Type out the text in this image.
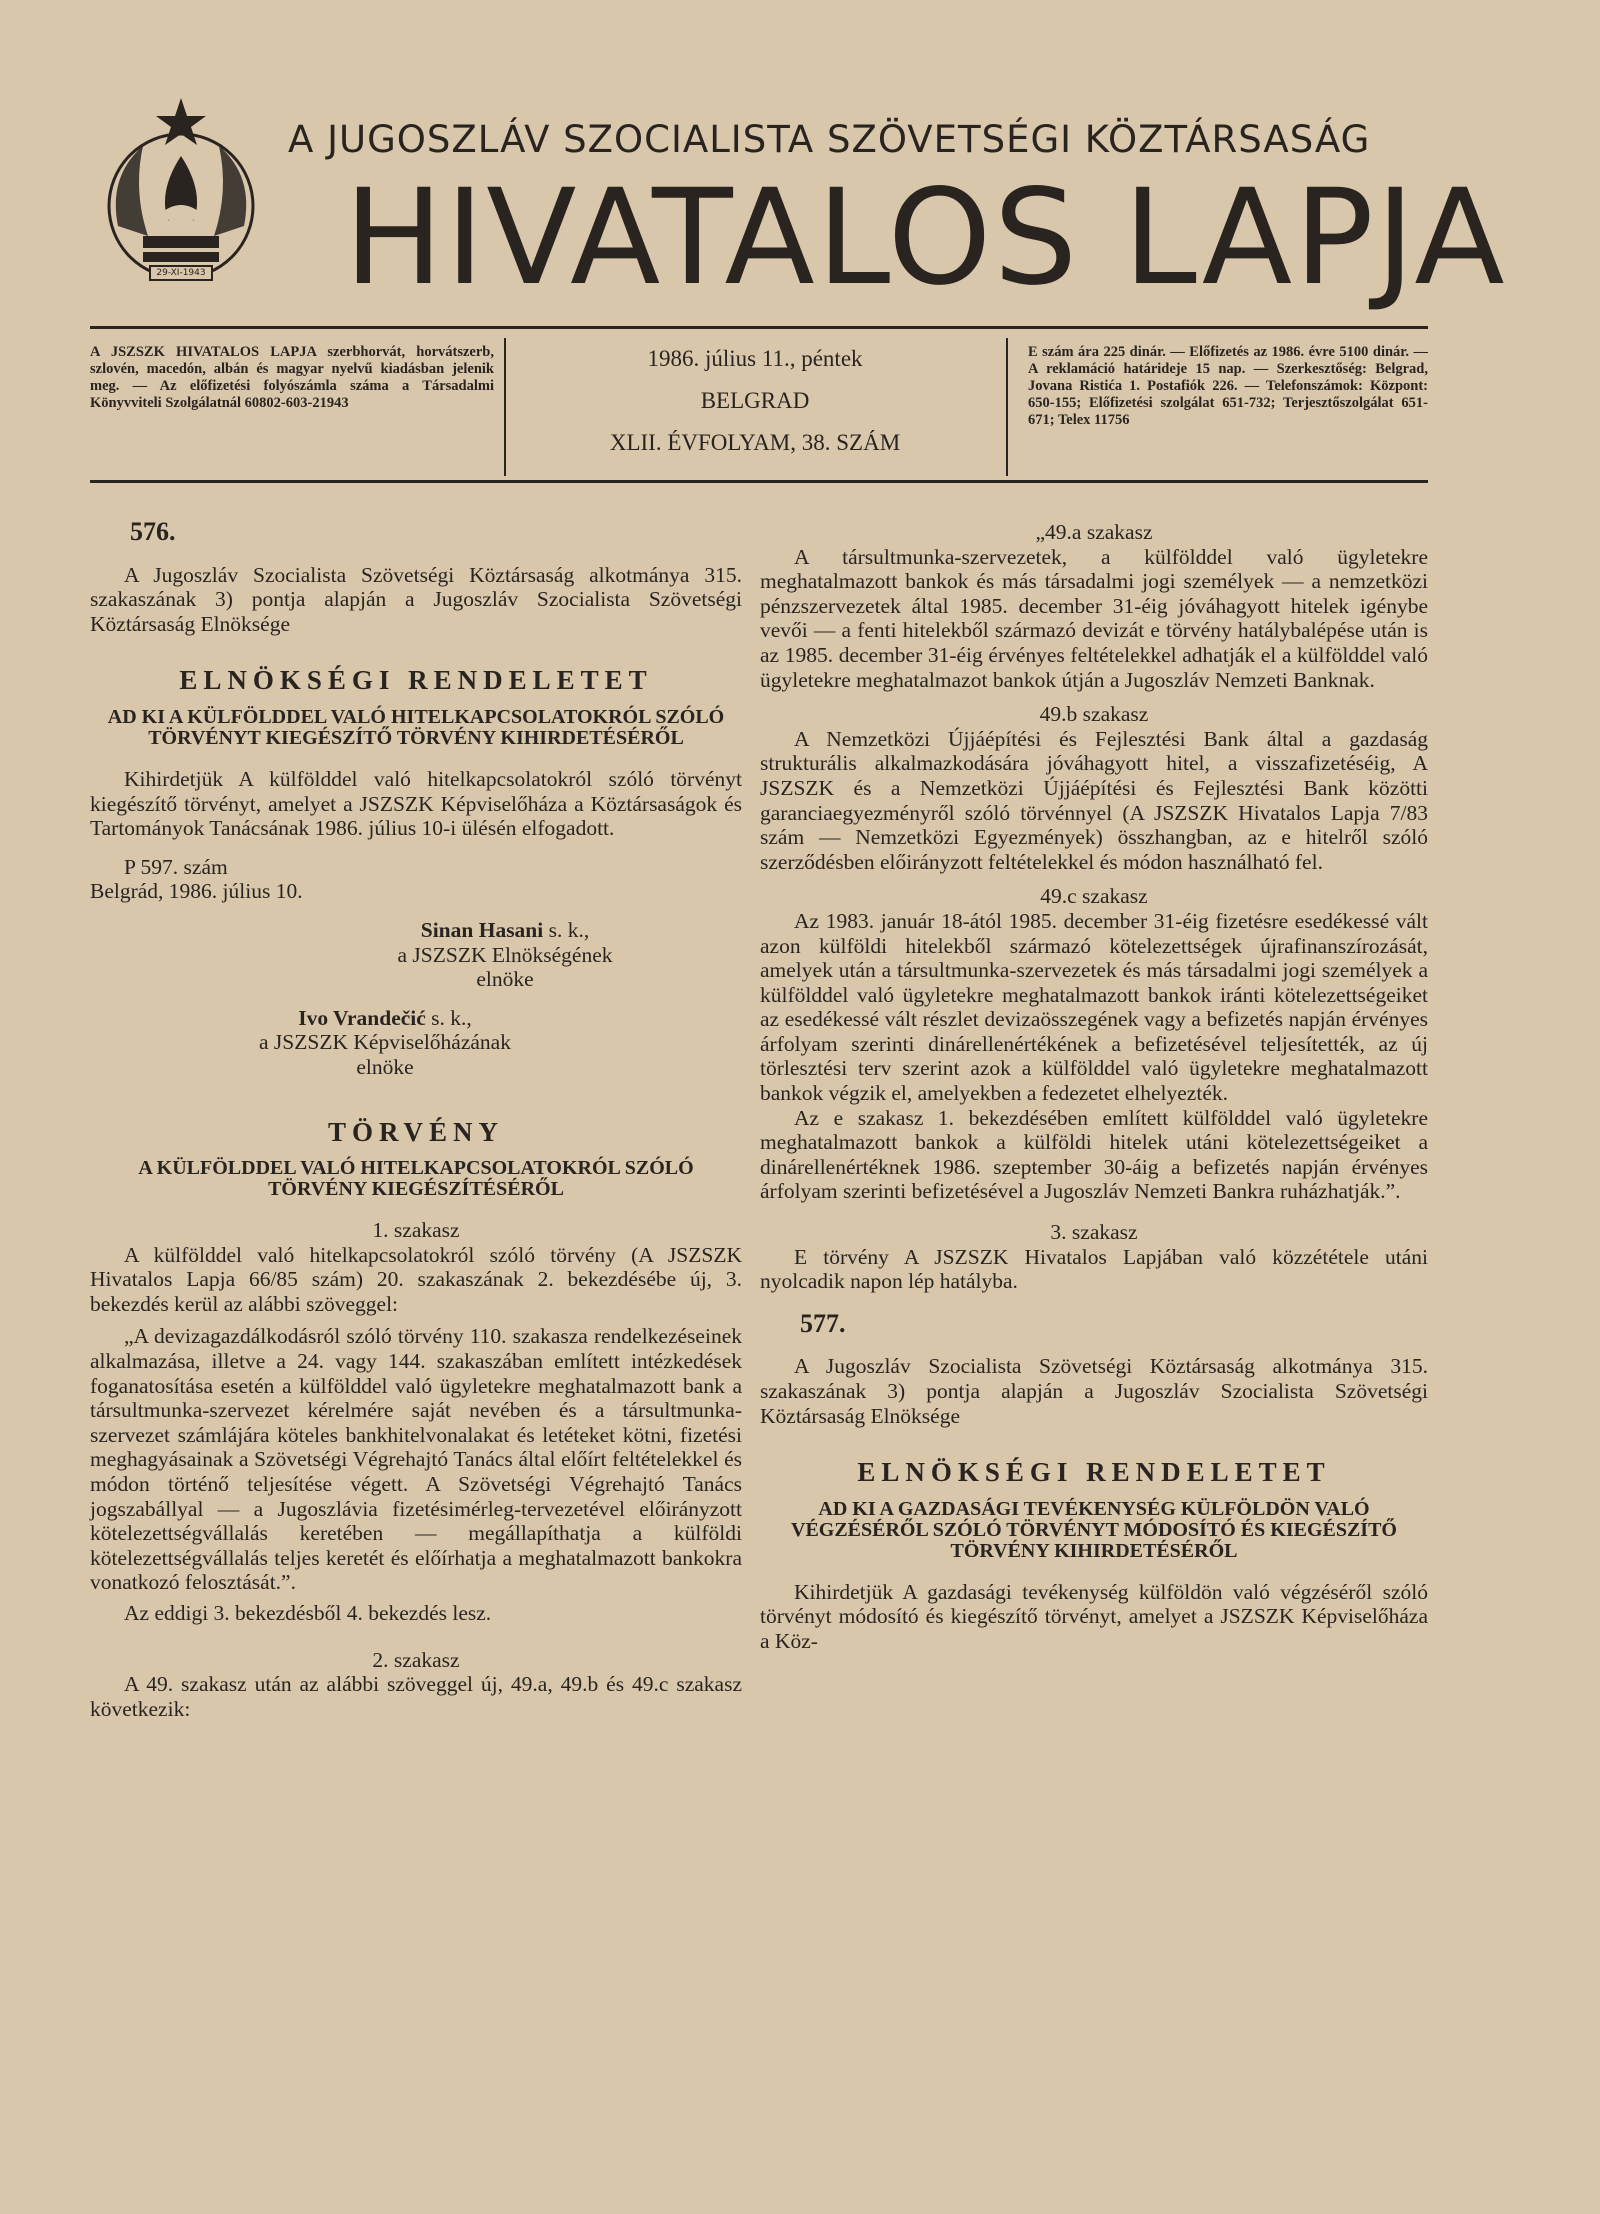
A JUGOSZLÁV SZOCIALISTA SZÖVETSÉGI KÖZTÁRSASÁG
HIVATALOS LAPJA
A JSZSZK HIVATALOS LAPJA szerbhorvát, horvátszerb, szlovén, macedón, albán és magyar nyelvű kiadásban jelenik meg. — Az előfizetési folyószámla száma a Társadalmi Könyvviteli Szolgálatnál 60802-603-21943
1986. július 11., péntek
BELGRAD
XLII. ÉVFOLYAM, 38. SZÁM
E szám ára 225 dinár. — Előfizetés az 1986. évre 5100 dinár. — A reklamáció határideje 15 nap. — Szerkesztőség: Belgrad, Jovana Ristića 1. Postafiók 226. — Telefonszámok: Központ: 650-155; Előfizetési szolgálat 651-732; Terjesztőszolgálat 651-671; Telex 11756
576.

A Jugoszláv Szocialista Szövetségi Köztársaság alkotmánya 315. szakaszának 3) pontja alapján a Jugoszláv Szocialista Szövetségi Köztársaság Elnöksége

ELNÖKSÉGI RENDELETET
AD KI A KÜLFÖLDDEL VALÓ HITELKAPCSOLATOKRÓL SZÓLÓ TÖRVÉNYT KIEGÉSZÍTŐ TÖRVÉNY KIHIRDETÉSÉRŐL

Kihirdetjük A külfölddel való hitelkapcsolatokról szóló törvényt kiegészítő törvényt, amelyet a JSZSZK Képviselőháza a Köztársaságok és Tartományok Tanácsának 1986. július 10-i ülésén elfogadott.

P 597. szám
Belgrád, 1986. július 10.
Sinan Hasani s. k.,
a JSZSZK Elnökségének
elnöke
Ivo Vrandečić s. k.,
a JSZSZK Képviselőházának
elnöke
TÖRVÉNY
A KÜLFÖLDDEL VALÓ HITELKAPCSOLATOKRÓL SZÓLÓ TÖRVÉNY KIEGÉSZÍTÉSÉRŐL
1. szakasz

A külfölddel való hitelkapcsolatokról szóló törvény (A JSZSZK Hivatalos Lapja 66/85 szám) 20. szakaszának 2. bekezdésébe új, 3. bekezdés kerül az alábbi szöveggel:

„A devizagazdálkodásról szóló törvény 110. szakasza rendelkezéseinek alkalmazása, illetve a 24. vagy 144. szakaszában említett intézkedések foganatosítása esetén a külfölddel való ügyletekre meghatalmazott bank a társultmunka-szervezet kérelmére saját nevében és a társultmunka-szervezet számlájára köteles bankhitelvonalakat és letéteket kötni, fizetési meghagyásainak a Szövetségi Végrehajtó Tanács által előírt feltételekkel és módon történő teljesítése végett. A Szövetségi Végrehajtó Tanács jogszabállyal — a Jugoszlávia fizetésimérleg-tervezetével előirányzott kötelezettségvállalás keretében — megállapíthatja a külföldi kötelezettségvállalás teljes keretét és előírhatja a meghatalmazott bankokra vonatkozó felosztását.”.

Az eddigi 3. bekezdésből 4. bekezdés lesz.

2. szakasz

A 49. szakasz után az alábbi szöveggel új, 49.a, 49.b és 49.c szakasz következik:

„49.a szakasz

A társultmunka-szervezetek, a külfölddel való ügyletekre meghatalmazott bankok és más társadalmi jogi személyek — a nemzetközi pénzszervezetek által 1985. december 31-éig jóváhagyott hitelek igénybe vevői — a fenti hitelekből származó devizát e törvény hatálybalépése után is az 1985. december 31-éig érvényes feltételekkel adhatják el a külfölddel való ügyletekre meghatalmazot bankok útján a Jugoszláv Nemzeti Banknak.

49.b szakasz

A Nemzetközi Újjáépítési és Fejlesztési Bank által a gazdaság strukturális alkalmazkodására jóváhagyott hitel, a visszafizetéséig, A JSZSZK és a Nemzetközi Újjáépítési és Fejlesztési Bank közötti garanciaegyezményről szóló törvénnyel (A JSZSZK Hivatalos Lapja 7/83 szám — Nemzetközi Egyezmények) összhangban, az e hitelről szóló szerződésben előirányzott feltételekkel és módon használható fel.

49.c szakasz

Az 1983. január 18-ától 1985. december 31-éig fizetésre esedékessé vált azon külföldi hitelekből származó kötelezettségek újrafinanszírozását, amelyek után a társultmunka-szervezetek és más társadalmi jogi személyek a külfölddel való ügyletekre meghatalmazott bankok iránti kötelezettségeiket az esedékessé vált részlet devizaösszegének vagy a befizetés napján érvényes árfolyam szerinti dinárellenértékének a befizetésével teljesítették, az új törlesztési terv szerint azok a külfölddel való ügyletekre meghatalmazott bankok végzik el, amelyekben a fedezetet elhelyezték.

Az e szakasz 1. bekezdésében említett külfölddel való ügyletekre meghatalmazott bankok a külföldi hitelek utáni kötelezettségeiket a dinárellenértéknek 1986. szeptember 30-áig a befizetés napján érvényes árfolyam szerinti befizetésével a Jugoszláv Nemzeti Bankra ruházhatják.”.

3. szakasz

E törvény A JSZSZK Hivatalos Lapjában való közzététele utáni nyolcadik napon lép hatályba.

577.

A Jugoszláv Szocialista Szövetségi Köztársaság alkotmánya 315. szakaszának 3) pontja alapján a Jugoszláv Szocialista Szövetségi Köztársaság Elnöksége

ELNÖKSÉGI RENDELETET
AD KI A GAZDASÁGI TEVÉKENYSÉG KÜLFÖLDÖN VALÓ VÉGZÉSÉRŐL SZÓLÓ TÖRVÉNYT MÓDOSÍTÓ ÉS KIEGÉSZÍTŐ TÖRVÉNY KIHIRDETÉSÉRŐL

Kihirdetjük A gazdasági tevékenység külföldön való végzéséről szóló törvényt módosító és kiegészítő törvényt, amelyet a JSZSZK Képviselőháza a Köz-

29-XI-1943
